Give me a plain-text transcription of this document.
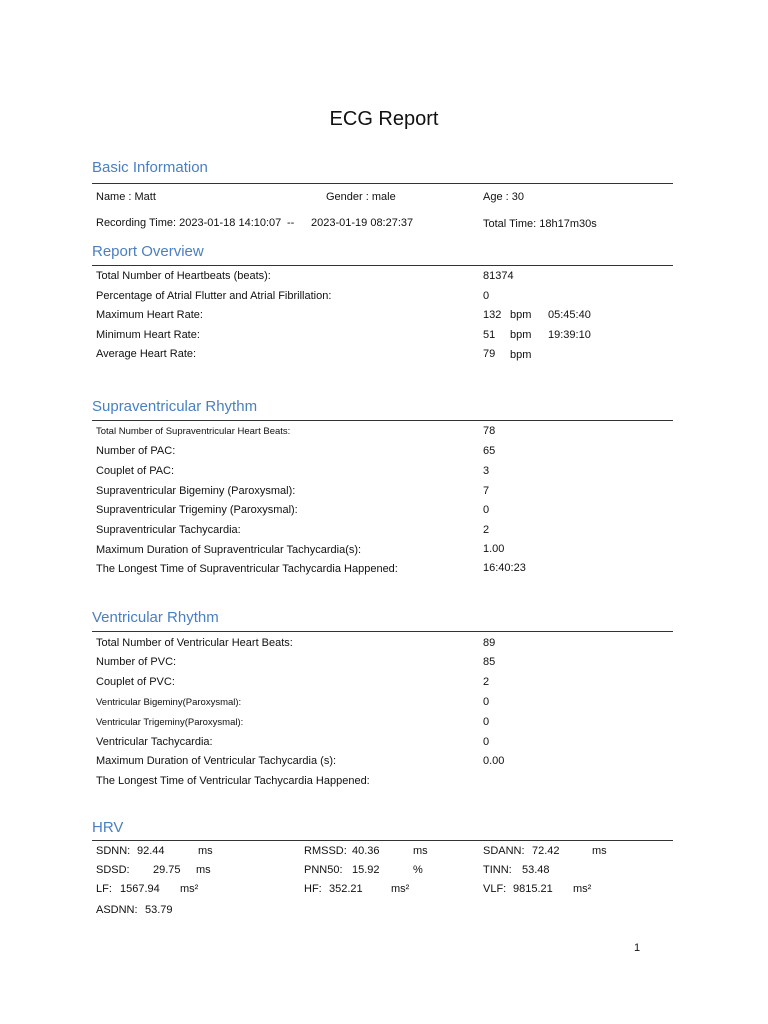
ECG Report
Basic Information
Name : Matt	Gender : male	Age : 30
Recording Time: 2023-01-18 14:10:07 -- 2023-01-19 08:27:37	Total Time: 18h17m30s
Report Overview
Total Number of Heartbeats (beats):	81374
Percentage of Atrial Flutter and Atrial Fibrillation:	0
Maximum Heart Rate:	132 bpm 05:45:40
Minimum Heart Rate:	51 bpm 19:39:10
Average Heart Rate:	79 bpm
Supraventricular Rhythm
Total Number of Supraventricular Heart Beats:	78
Number of PAC:	65
Couplet of PAC:	3
Supraventricular Bigeminy (Paroxysmal):	7
Supraventricular Trigeminy (Paroxysmal):	0
Supraventricular Tachycardia:	2
Maximum Duration of Supraventricular Tachycardia(s):	1.00
The Longest Time of Supraventricular Tachycardia Happened:	16:40:23
Ventricular Rhythm
Total Number of Ventricular Heart Beats:	89
Number of PVC:	85
Couplet of PVC:	2
Ventricular Bigeminy(Paroxysmal):	0
Ventricular Trigeminy(Paroxysmal):	0
Ventricular Tachycardia:	0
Maximum Duration of Ventricular Tachycardia (s):	0.00
The Longest Time of Ventricular Tachycardia Happened:
HRV
SDNN: 92.44	ms	RMSSD: 40.36	ms	SDANN: 72.42	ms
SDSD: 29.75 ms	PNN50: 15.92	%	TINN: 53.48
LF: 1567.94 ms²	HF: 352.21	ms²	VLF: 9815.21 ms²
ASDNN: 53.79
1
